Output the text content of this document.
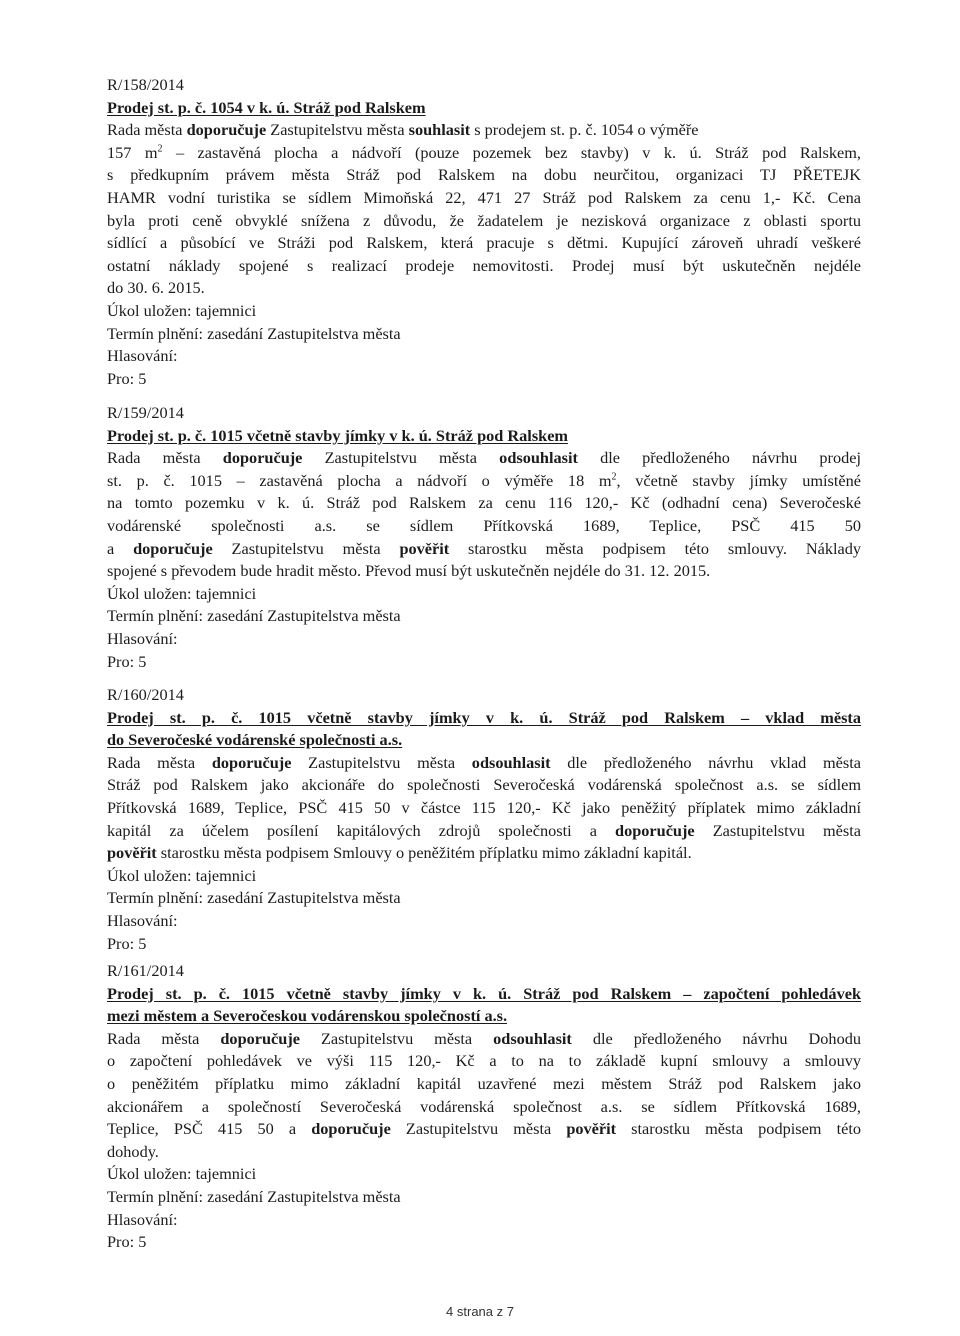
R/158/2014
Prodej st. p. č. 1054 v k. ú. Stráž pod Ralskem
Rada města doporučuje Zastupitelstvu města souhlasit s prodejem st. p. č. 1054 o výměře
157 $m^2$ – zastavěná plocha a nádvoří (pouze pozemek bez stavby) v k. ú. Stráž pod Ralskem,
s předkupním právem města Stráž pod Ralskem na dobu neurčitou, organizaci TJ PŘETEJK
HAMR vodní turistika se sídlem Mimoňská 22, 471 27 Stráž pod Ralskem za cenu 1,- Kč. Cena
byla proti ceně obvyklé snížena z důvodu, že žadatelem je nezisková organizace z oblasti sportu
sídlící a působící ve Stráži pod Ralskem, která pracuje s dětmi. Kupující zároveň uhradí veškeré
ostatní náklady spojené s realizací prodeje nemovitosti. Prodej musí být uskutečněn nejdéle
do 30. 6. 2015.
Úkol uložen: tajemnici
Termín plnění: zasedání Zastupitelstva města
Hlasování:
Pro: 5
R/159/2014
Prodej st. p. č. 1015 včetně stavby jímky v k. ú. Stráž pod Ralskem
Rada města doporučuje Zastupitelstvu města odsouhlasit dle předloženého návrhu prodej
st. p. č. 1015 – zastavěná plocha a nádvoří o výměře 18 $m^2$, včetně stavby jímky umístěné
na tomto pozemku v k. ú. Stráž pod Ralskem za cenu 116 120,- Kč (odhadní cena) Severočeské
vodárenské společnosti a.s. se sídlem Přítkovská 1689, Teplice, PSČ 415 50
a doporučuje Zastupitelstvu města pověřit starostku města podpisem této smlouvy. Náklady
spojené s převodem bude hradit město. Převod musí být uskutečněn nejdéle do 31. 12. 2015.
Úkol uložen: tajemnici
Termín plnění: zasedání Zastupitelstva města
Hlasování:
Pro: 5
R/160/2014
Prodej st. p. č. 1015 včetně stavby jímky v k. ú. Stráž pod Ralskem – vklad města
do Severočeské vodárenské společnosti a.s.
Rada města doporučuje Zastupitelstvu města odsouhlasit dle předloženého návrhu vklad města
Stráž pod Ralskem jako akcionáře do společnosti Severočeská vodárenská společnost a.s. se sídlem
Přítkovská 1689, Teplice, PSČ 415 50 v částce 115 120,- Kč jako peněžitý příplatek mimo základní
kapitál za účelem posílení kapitálových zdrojů společnosti a doporučuje Zastupitelstvu města
pověřit starostku města podpisem Smlouvy o peněžitém příplatku mimo základní kapitál.
Úkol uložen: tajemnici
Termín plnění: zasedání Zastupitelstva města
Hlasování:
Pro: 5
R/161/2014
Prodej st. p. č. 1015 včetně stavby jímky v k. ú. Stráž pod Ralskem – započtení pohledávek
mezi městem a Severočeskou vodárenskou společností a.s.
Rada města doporučuje Zastupitelstvu města odsouhlasit dle předloženého návrhu Dohodu
o započtení pohledávek ve výši 115 120,- Kč a to na to základě kupní smlouvy a smlouvy
o peněžitém příplatku mimo základní kapitál uzavřené mezi městem Stráž pod Ralskem jako
akcionářem a společností Severočeská vodárenská společnost a.s. se sídlem Přítkovská 1689,
Teplice, PSČ 415 50 a doporučuje Zastupitelstvu města pověřit starostku města podpisem této
dohody.
Úkol uložen: tajemnici
Termín plnění: zasedání Zastupitelstva města
Hlasování:
Pro: 5
4 strana z 7
